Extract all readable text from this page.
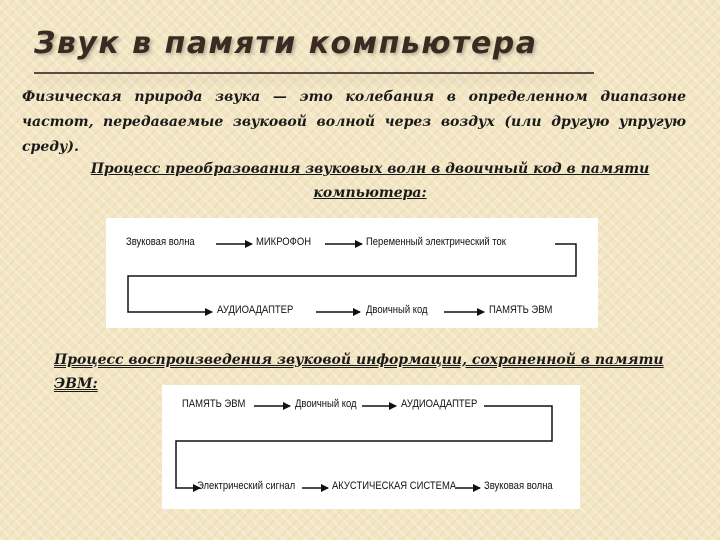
Звук в памяти компьютера
Физическая природа звука — это колебания в определенном диапазоне частот, передаваемые звуковой волной через воздух (или другую упругую среду).
Процесс преобразования звуковых волн в двоичный код в памяти компьютера:
Звуковая волна	МИКРОФОН	Переменный электрический ток
АУДИОАДАПТЕР	Двоичный код	ПАМЯТЬ ЭВМ
Процесс воспроизведения звуковой информации, сохраненной в памяти ЭВМ:
ПАМЯТЬ ЭВМ	Двоичный код	АУДИОАДАПТЕР
Электрический сигнал	АКУСТИЧЕСКАЯ СИСТЕМА	Звуковая волна
